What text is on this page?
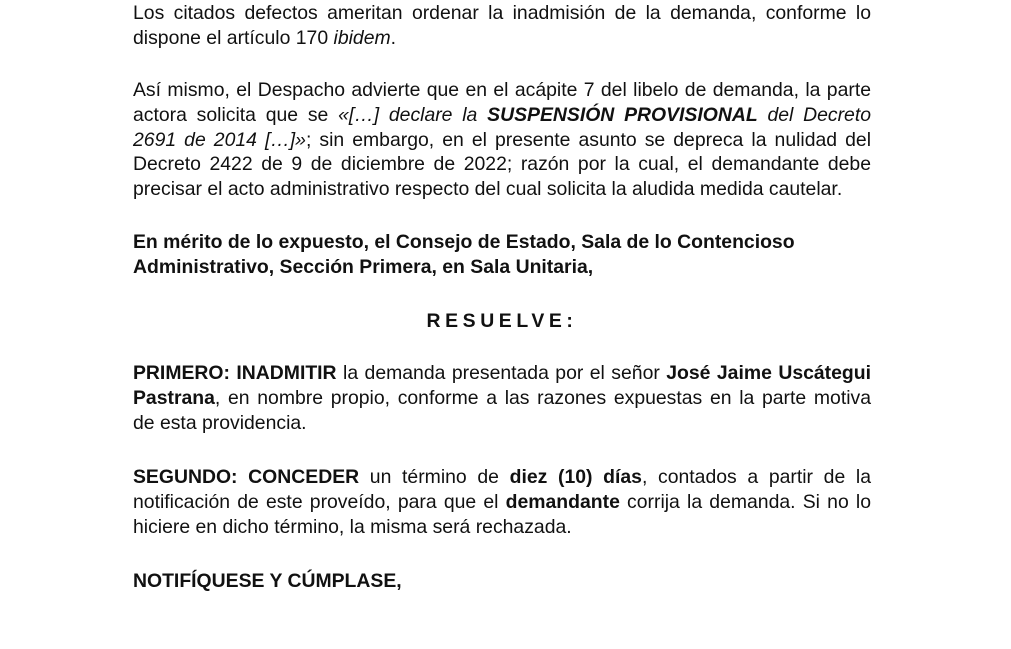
Los citados defectos ameritan ordenar la inadmisión de la demanda, conforme lo
dispone el artículo 170 ibidem.
Así mismo, el Despacho advierte que en el acápite 7 del libelo de demanda, la parte
actora solicita que se «[…] declare la SUSPENSIÓN PROVISIONAL del Decreto
2691 de 2014 […]»; sin embargo, en el presente asunto se depreca la nulidad del
Decreto 2422 de 9 de diciembre de 2022; razón por la cual, el demandante debe
precisar el acto administrativo respecto del cual solicita la aludida medida cautelar.
En mérito de lo expuesto, el Consejo de Estado, Sala de lo Contencioso
Administrativo, Sección Primera, en Sala Unitaria,
RESUELVE:
PRIMERO: INADMITIR la demanda presentada por el señor José Jaime Uscátegui
Pastrana, en nombre propio, conforme a las razones expuestas en la parte motiva
de esta providencia.
SEGUNDO: CONCEDER un término de diez (10) días, contados a partir de la
notificación de este proveído, para que el demandante corrija la demanda. Si no lo
hiciere en dicho término, la misma será rechazada.
NOTIFÍQUESE Y CÚMPLASE,
